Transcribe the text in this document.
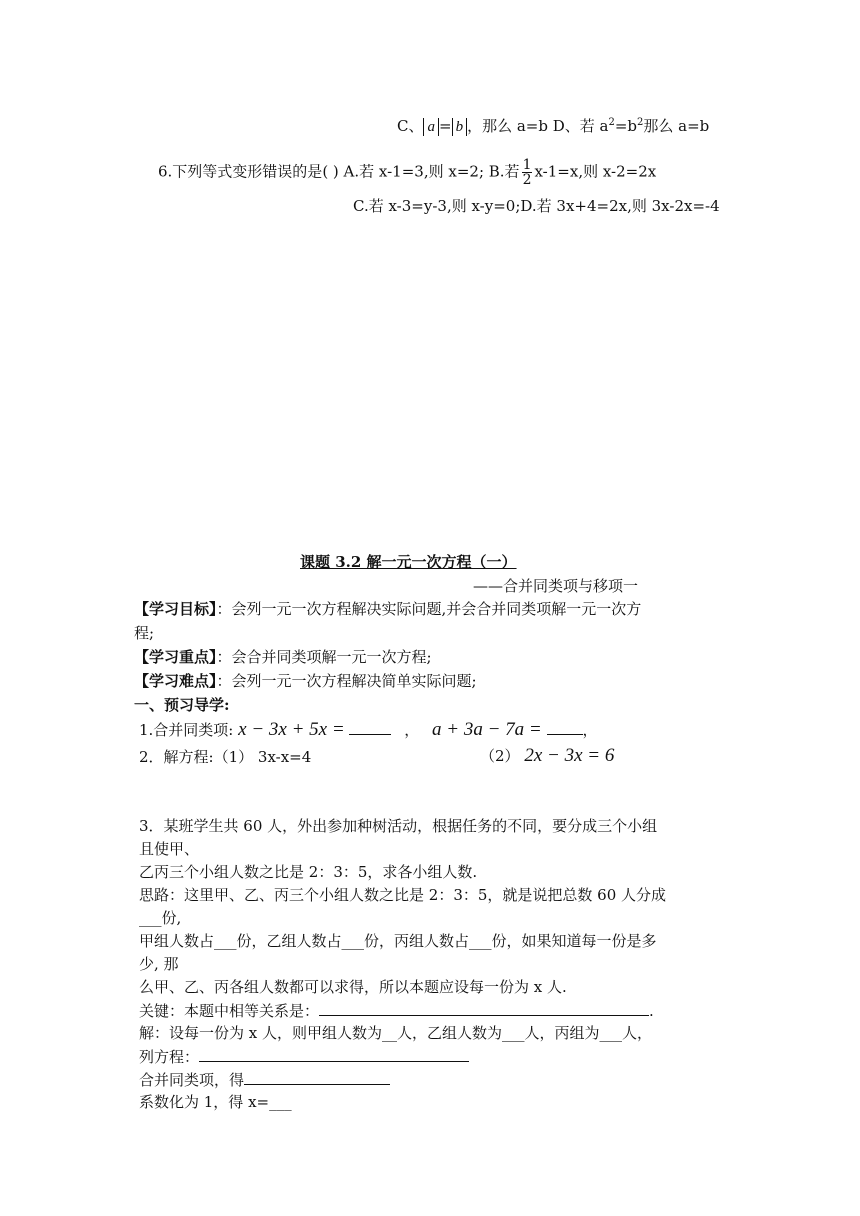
C、 a = b ，那么 a=b D、若 $a^2=b^2$那么 a=b
6.下列等式变形错误的是( ) A.若 x-1=3,则 x=2; B.若 $\frac{1}{2} x-1=x$,则 x-2=2x
C.若 x-3=y-3,则 x-y=0;D.若 3x+4=2x,则 3x-2x=-4
课题 3.2 解一元一次方程（一）
——合并同类项与移项一
【学习目标】：会列一元一次方程解决实际问题,并会合并同类项解一元一次方
程;
【学习重点】：会合并同类项解一元一次方程;
【学习难点】：会列一元一次方程解决简单实际问题;
一、预习导学:
1.合并同类项: x − 3x + 5x =	， a + 3a − 7a =	，
2．解方程:（1） 3x-x=4	（2） 2x − 3x = 6
3．某班学生共 60 人，外出参加种树活动，根据任务的不同，要分成三个小组
且使甲、
乙丙三个小组人数之比是 2：3：5，求各小组人数.
思路：这里甲、乙、丙三个小组人数之比是 2：3：5，就是说把总数 60 人分成
___份,
甲组人数占___份，乙组人数占___份，丙组人数占___份，如果知道每一份是多
少, 那
么甲、乙、丙各组人数都可以求得，所以本题应设每一份为 x 人.
关键：本题中相等关系是：	.
解：设每一份为 x 人，则甲组人数为__人，乙组人数为___人，丙组为___人，
列方程：
合并同类项，得
系数化为 1，得 x=___
